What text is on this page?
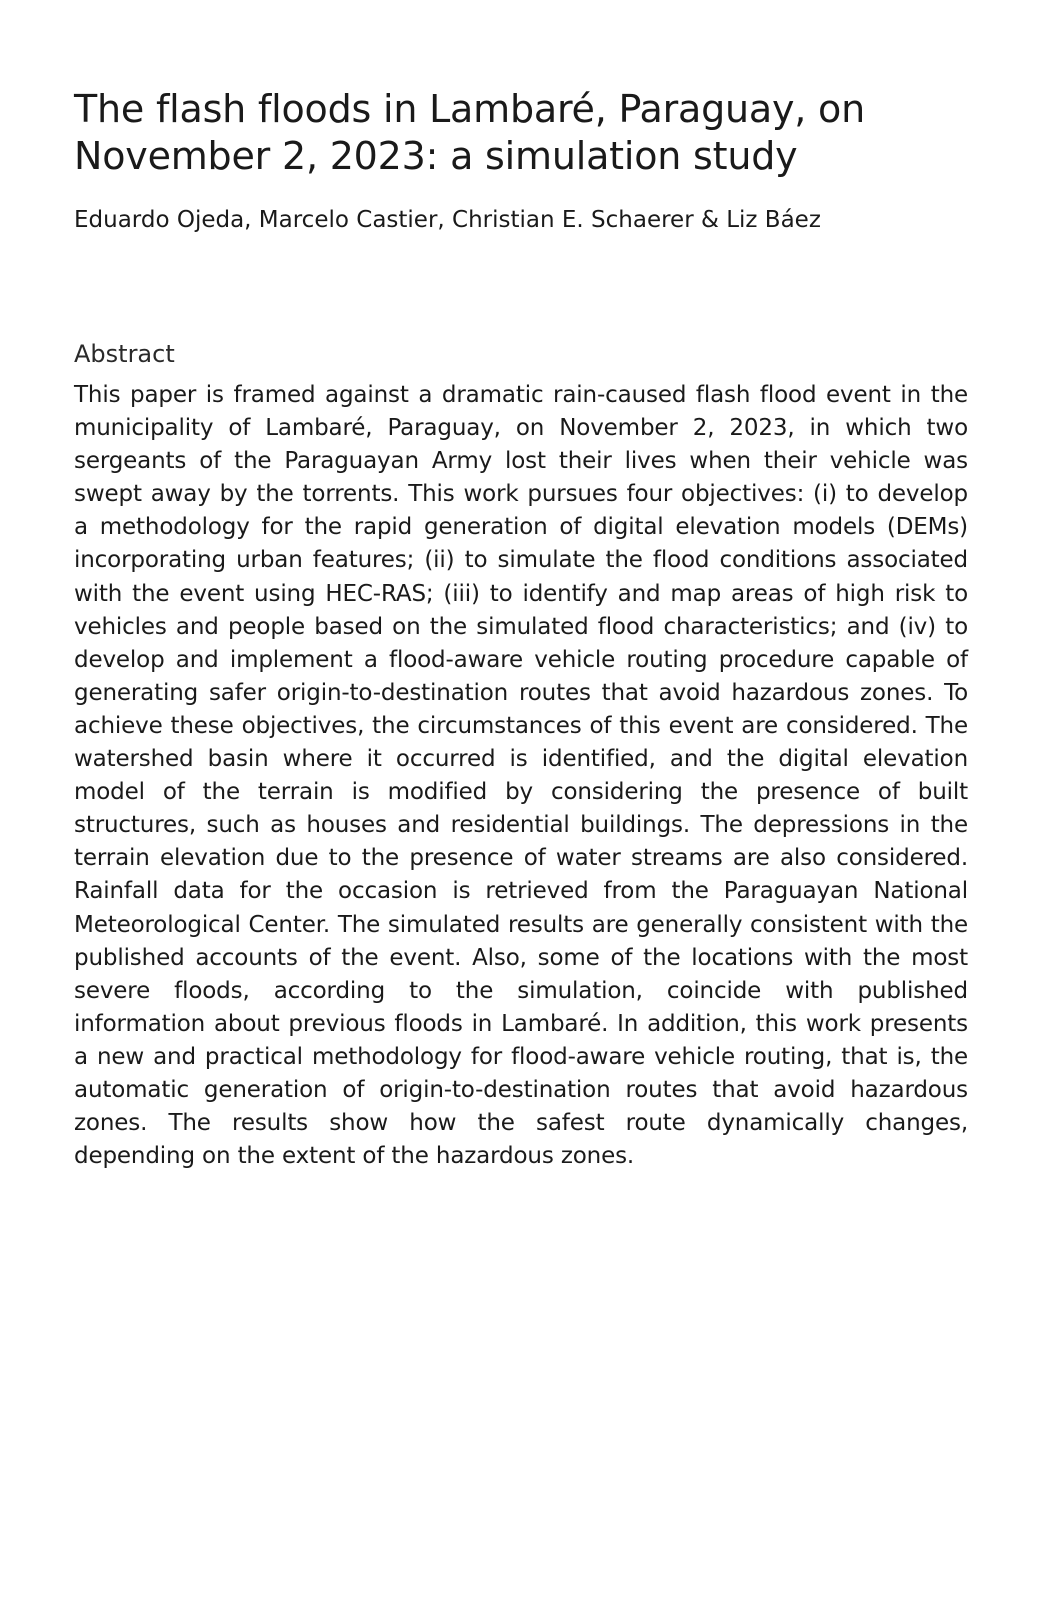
The flash floods in Lambaré, Paraguay, on November 2, 2023: a simulation study

Eduardo Ojeda, Marcelo Castier, Christian E. Schaerer & Liz Báez

Abstract

This paper is framed against a dramatic rain-caused flash flood event in the municipality of Lambaré, Paraguay, on November 2, 2023, in which two sergeants of the Paraguayan Army lost their lives when their vehicle was swept away by the torrents. This work pursues four objectives: (i) to develop a methodology for the rapid generation of digital elevation models (DEMs) incorporating urban features; (ii) to simulate the flood conditions associated with the event using HEC-RAS; (iii) to identify and map areas of high risk to vehicles and people based on the simulated flood characteristics; and (iv) to develop and implement a flood-aware vehicle routing procedure capable of generating safer origin-to-destination routes that avoid hazardous zones. To achieve these objectives, the circumstances of this event are considered. The watershed basin where it occurred is identified, and the digital elevation model of the terrain is modified by considering the presence of built structures, such as houses and residential buildings. The depressions in the terrain elevation due to the presence of water streams are also considered. Rainfall data for the occasion is retrieved from the Paraguayan National Meteorological Center. The simulated results are generally consistent with the published accounts of the event. Also, some of the locations with the most severe floods, according to the simulation, coincide with published information about previous floods in Lambaré. In addition, this work presents a new and practical methodology for flood-aware vehicle routing, that is, the automatic generation of origin-to-destination routes that avoid hazardous zones. The results show how the safest route dynamically changes, depending on the extent of the hazardous zones.
